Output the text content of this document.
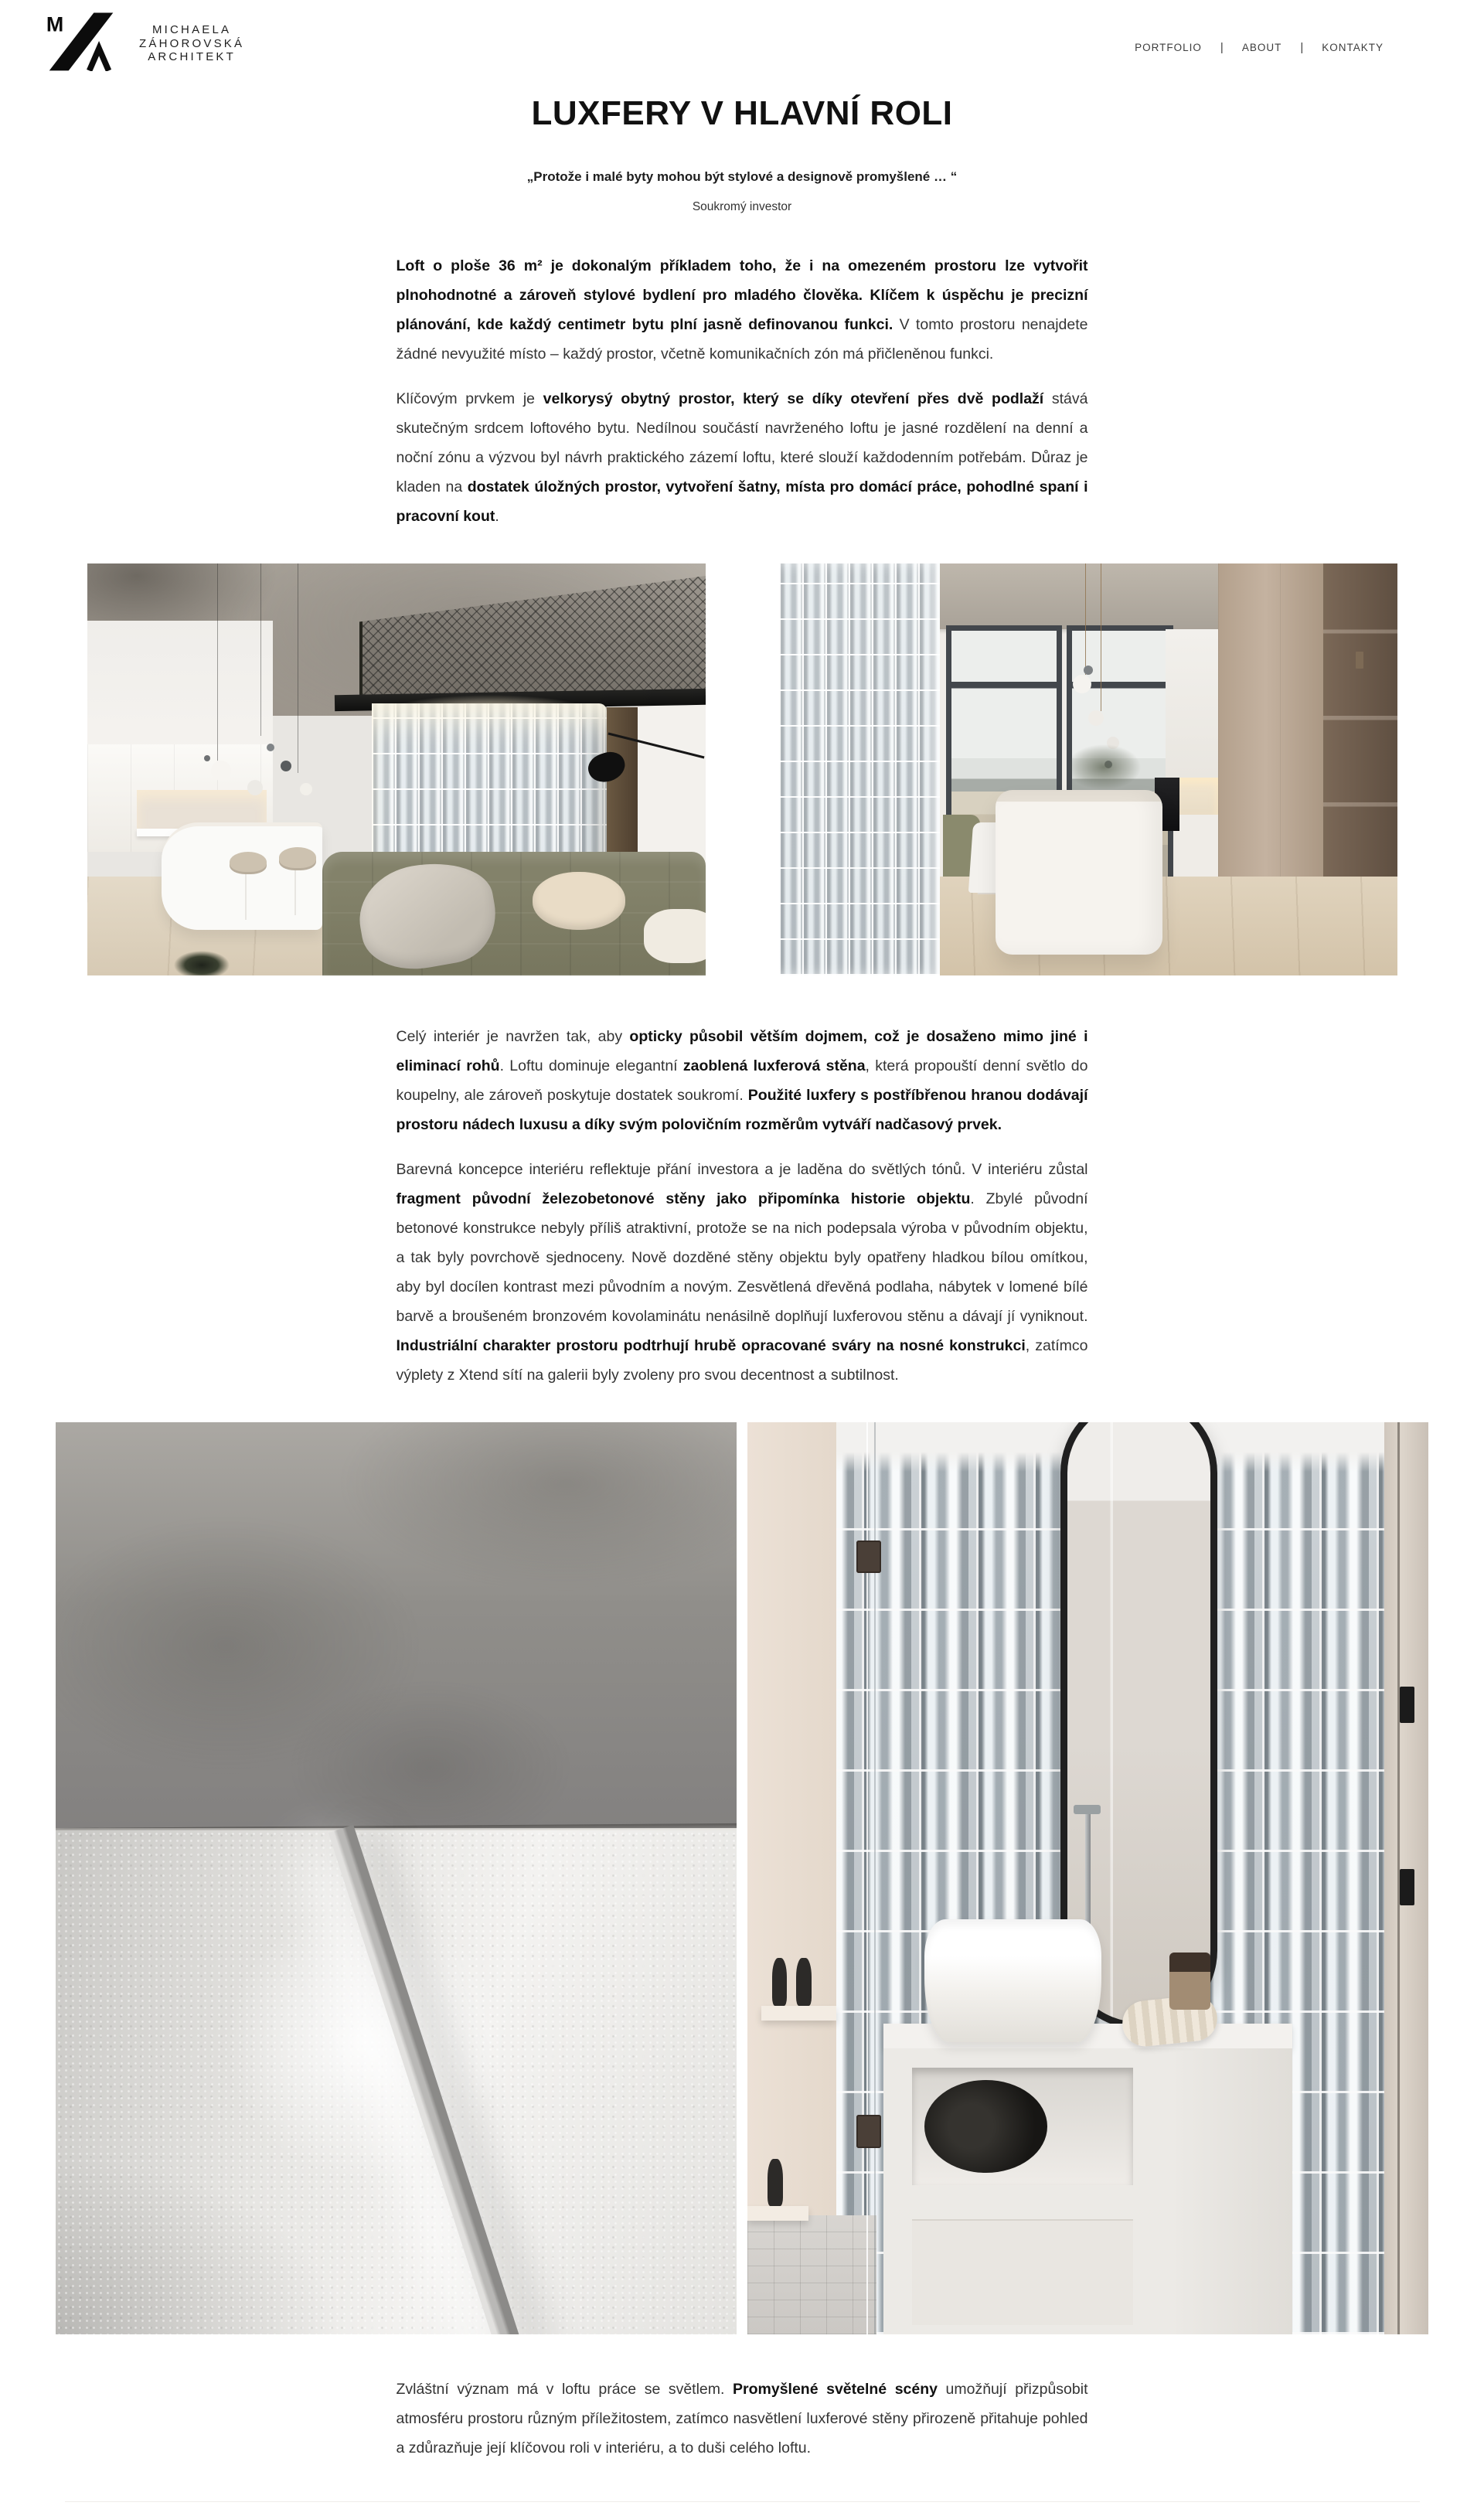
M	MICHAELA
ZÁHOROVSKÁ
ARCHITEKT
PORTFOLIO	|	ABOUT	|	KONTAKTY
LUXFERY V HLAVNÍ ROLI
„Protože i malé byty mohou být stylové a designově promyšlené … “
Soukromý investor

Loft o ploše 36 m² je dokonalým příkladem toho, že i na omezeném prostoru lze vytvořit plnohodnotné a zároveň stylové bydlení pro mladého člověka. Klíčem k úspěchu je precizní plánování, kde každý centimetr bytu plní jasně definovanou funkci. V tomto prostoru nenajdete žádné nevyužité místo – každý prostor, včetně komunikačních zón má přičleněnou funkci.

Klíčovým prvkem je velkorysý obytný prostor, který se díky otevření přes dvě podlaží stává skutečným srdcem loftového bytu. Nedílnou součástí navrženého loftu je jasné rozdělení na denní a noční zónu a výzvou byl návrh praktického zázemí loftu, které slouží každodenním potřebám. Důraz je kladen na dostatek úložných prostor, vytvoření šatny, místa pro domácí práce, pohodlné spaní i pracovní kout.

Celý interiér je navržen tak, aby opticky působil větším dojmem, což je dosaženo mimo jiné i eliminací rohů. Loftu dominuje elegantní zaoblená luxferová stěna, která propouští denní světlo do koupelny, ale zároveň poskytuje dostatek soukromí. Použité luxfery s postříbřenou hranou dodávají prostoru nádech luxusu a díky svým polovičním rozměrům vytváří nadčasový prvek.

Barevná koncepce interiéru reflektuje přání investora a je laděna do světlých tónů. V interiéru zůstal fragment původní železobetonové stěny jako připomínka historie objektu. Zbylé původní betonové konstrukce nebyly příliš atraktivní, protože se na nich podepsala výroba v původním objektu, a tak byly povrchově sjednoceny. Nově dozděné stěny objektu byly opatřeny hladkou bílou omítkou, aby byl docílen kontrast mezi původním a novým. Zesvětlená dřevěná podlaha, nábytek v lomené bílé barvě a broušeném bronzovém kovolaminátu nenásilně doplňují luxferovou stěnu a dávají jí vyniknout. Industriální charakter prostoru podtrhují hrubě opracované sváry na nosné konstrukci, zatímco výplety z Xtend sítí na galerii byly zvoleny pro svou decentnost a subtilnost.

Zvláštní význam má v loftu práce se světlem. Promyšlené světelné scény umožňují přizpůsobit atmosféru prostoru různým příležitostem, zatímco nasvětlení luxferové stěny přirozeně přitahuje pohled a zdůrazňuje její klíčovou roli v interiéru, a to duši celého loftu.
